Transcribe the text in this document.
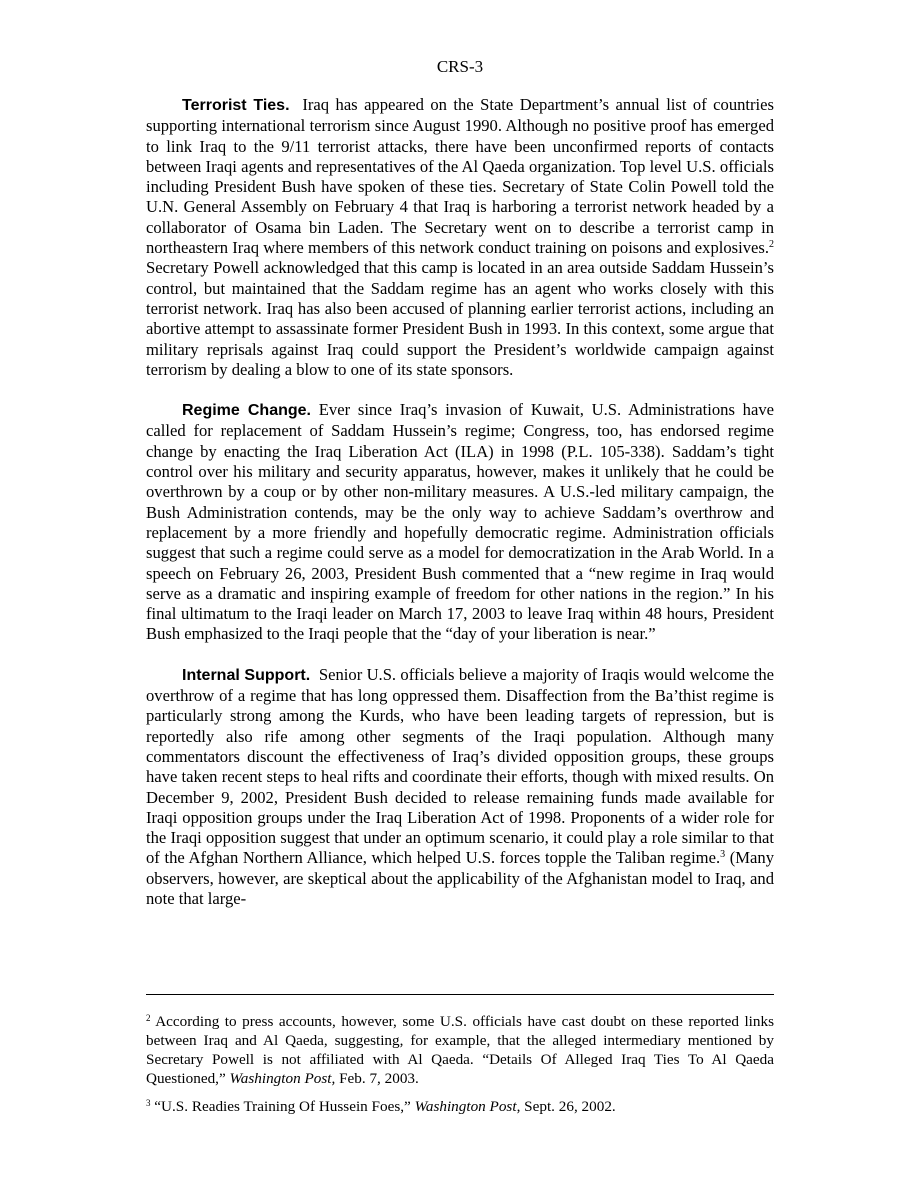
CRS-3

Terrorist Ties. Iraq has appeared on the State Department’s annual list of countries supporting international terrorism since August 1990. Although no positive proof has emerged to link Iraq to the 9/11 terrorist attacks, there have been unconfirmed reports of contacts between Iraqi agents and representatives of the Al Qaeda organization. Top level U.S. officials including President Bush have spoken of these ties. Secretary of State Colin Powell told the U.N. General Assembly on February 4 that Iraq is harboring a terrorist network headed by a collaborator of Osama bin Laden. The Secretary went on to describe a terrorist camp in northeastern Iraq where members of this network conduct training on poisons and explosives.$^2$ Secretary Powell acknowledged that this camp is located in an area outside Saddam Hussein’s control, but maintained that the Saddam regime has an agent who works closely with this terrorist network. Iraq has also been accused of planning earlier terrorist actions, including an abortive attempt to assassinate former President Bush in 1993. In this context, some argue that military reprisals against Iraq could support the President’s worldwide campaign against terrorism by dealing a blow to one of its state sponsors.

Regime Change. Ever since Iraq’s invasion of Kuwait, U.S. Administrations have called for replacement of Saddam Hussein’s regime; Congress, too, has endorsed regime change by enacting the Iraq Liberation Act (ILA) in 1998 (P.L. 105-338). Saddam’s tight control over his military and security apparatus, however, makes it unlikely that he could be overthrown by a coup or by other non-military measures. A U.S.-led military campaign, the Bush Administration contends, may be the only way to achieve Saddam’s overthrow and replacement by a more friendly and hopefully democratic regime. Administration officials suggest that such a regime could serve as a model for democratization in the Arab World. In a speech on February 26, 2003, President Bush commented that a “new regime in Iraq would serve as a dramatic and inspiring example of freedom for other nations in the region.” In his final ultimatum to the Iraqi leader on March 17, 2003 to leave Iraq within 48 hours, President Bush emphasized to the Iraqi people that the “day of your liberation is near.”

Internal Support. Senior U.S. officials believe a majority of Iraqis would welcome the overthrow of a regime that has long oppressed them. Disaffection from the Ba’thist regime is particularly strong among the Kurds, who have been leading targets of repression, but is reportedly also rife among other segments of the Iraqi population. Although many commentators discount the effectiveness of Iraq’s divided opposition groups, these groups have taken recent steps to heal rifts and coordinate their efforts, though with mixed results. On December 9, 2002, President Bush decided to release remaining funds made available for Iraqi opposition groups under the Iraq Liberation Act of 1998. Proponents of a wider role for the Iraqi opposition suggest that under an optimum scenario, it could play a role similar to that of the Afghan Northern Alliance, which helped U.S. forces topple the Taliban regime.$^3$ (Many observers, however, are skeptical about the applicability of the Afghanistan model to Iraq, and note that large-

$^2$ According to press accounts, however, some U.S. officials have cast doubt on these reported links between Iraq and Al Qaeda, suggesting, for example, that the alleged intermediary mentioned by Secretary Powell is not affiliated with Al Qaeda. “Details Of Alleged Iraq Ties To Al Qaeda Questioned,” Washington Post, Feb. 7, 2003.

$^3$ “U.S. Readies Training Of Hussein Foes,” Washington Post, Sept. 26, 2002.
